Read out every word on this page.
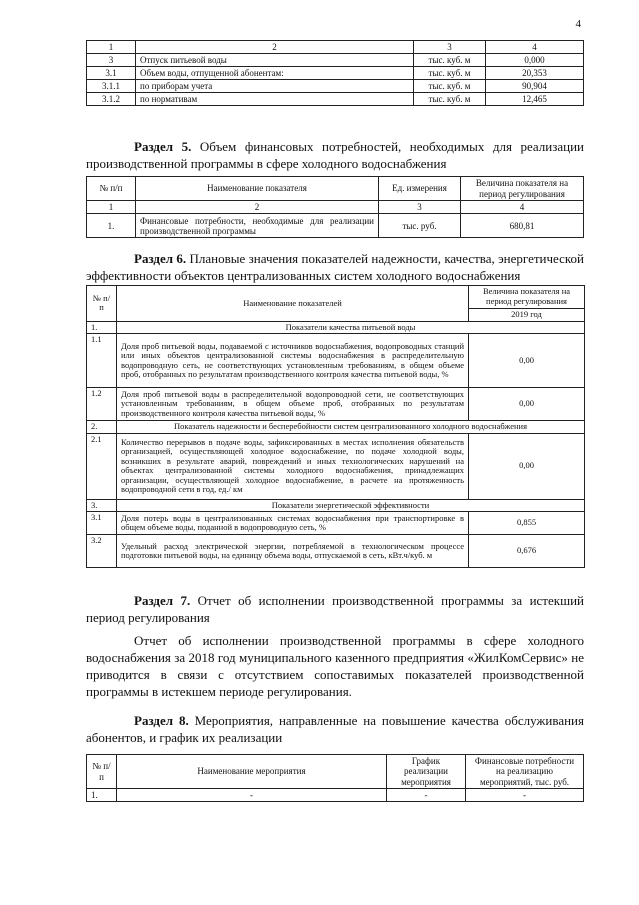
4
1	2	3	4
3	Отпуск питьевой воды	тыс. куб. м	0,000
3.1	Объем воды, отпущенной абонентам:	тыс. куб. м	20,353
3.1.1	по приборам учета	тыс. куб. м	90,904
3.1.2	по нормативам	тыс. куб. м	12,465
Раздел 5. Объем финансовых потребностей, необходимых для реализации производственной программы в сфере холодного водоснабжения
№ п/п	Наименование показателя	Ед. измерения	Величина показателя на период регулирования
1	2	3	4
1.	Финансовые потребности, необходимые для реализации производственной программы	тыс. руб.	680,81
Раздел 6. Плановые значения показателей надежности, качества, энергетической эффективности объектов централизованных систем холодного водоснабжения
№ п/п	Наименование показателей	Величина показателя на период регулирования
		2019 год
1.	Показатели качества питьевой воды	
1.1	Доля проб питьевой воды, подаваемой с источников водоснабжения, водопроводных станций или иных объектов централизованной системы водоснабжения в распределительную водопроводную сеть, не соответствующих установленным требованиям, в общем объеме проб, отобранных по результатам производственного контроля качества питьевой воды, %	0,00
1.2	Доля проб питьевой воды в распределительной водопроводной сети, не соответствующих установленным требованиям, в общем объеме проб, отобранных по результатам производственного контроля качества питьевой воды, %	0,00
2.	Показатель надежности и бесперебойности систем централизованного холодного водоснабжения	
2.1	Количество перерывов в подаче воды, зафиксированных в местах исполнения обязательств организацией, осуществляющей холодное водоснабжение, по подаче холодной воды, возникших в результате аварий, повреждений и иных технологических нарушений на объектах централизованной системы холодного водоснабжения, принадлежащих организации, осуществляющей холодное водоснабжение, в расчете на протяженность водопроводной сети в год, ед./ км	0,00
3.	Показатели энергетической эффективности	
3.1	Доля потерь воды в централизованных системах водоснабжения при транспортировке в общем объеме воды, поданной в водопроводную сеть, %	0,855
3.2	Удельный расход электрической энергии, потребляемой в технологическом процессе подготовки питьевой воды, на единицу объема воды, отпускаемой в сеть, кВт.ч/куб. м	0,676
Раздел 7. Отчет об исполнении производственной программы за истекший период регулирования
Отчет об исполнении производственной программы в сфере холодного водоснабжения за 2018 год муниципального казенного предприятия «ЖилКомСервис» не приводится в связи с отсутствием сопоставимых показателей производственной программы в истекшем периоде регулирования.
Раздел 8. Мероприятия, направленные на повышение качества обслуживания абонентов, и график их реализации
№ п/п	Наименование мероприятия	График реализации мероприятия	Финансовые потребности на реализацию мероприятий, тыс. руб.
1.	-	-	-
